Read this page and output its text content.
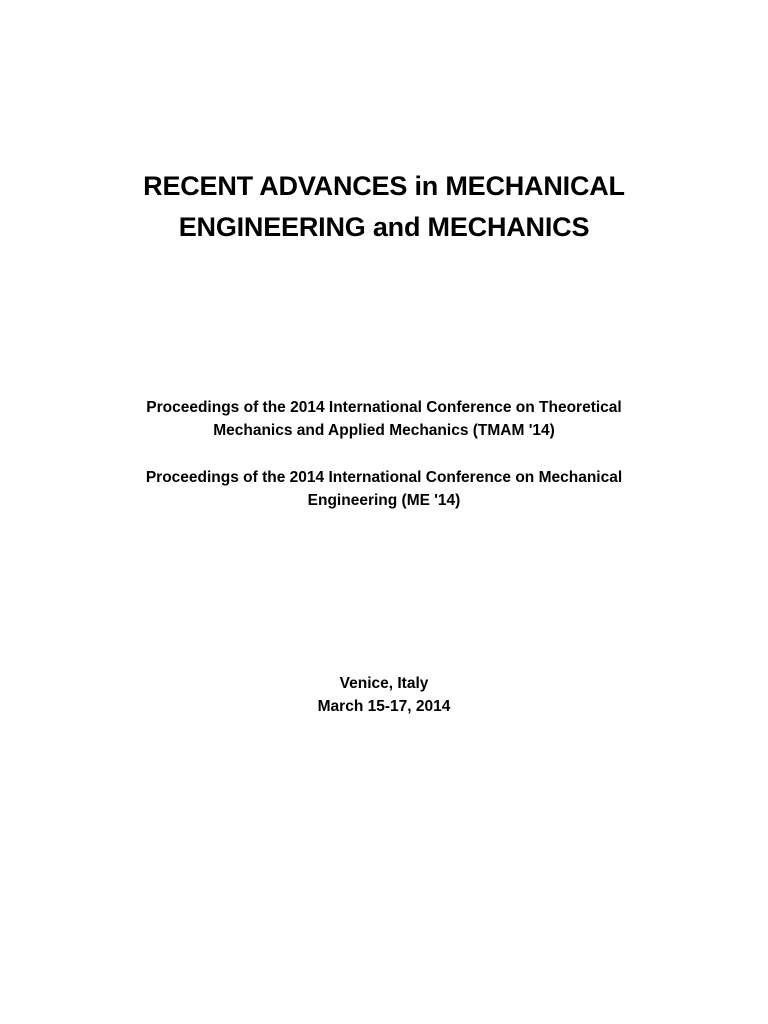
RECENT ADVANCES in MECHANICAL
ENGINEERING and MECHANICS

Proceedings of the 2014 International Conference on Theoretical
Mechanics and Applied Mechanics (TMAM '14)

Proceedings of the 2014 International Conference on Mechanical
Engineering (ME '14)

Venice, Italy
March 15-17, 2014
